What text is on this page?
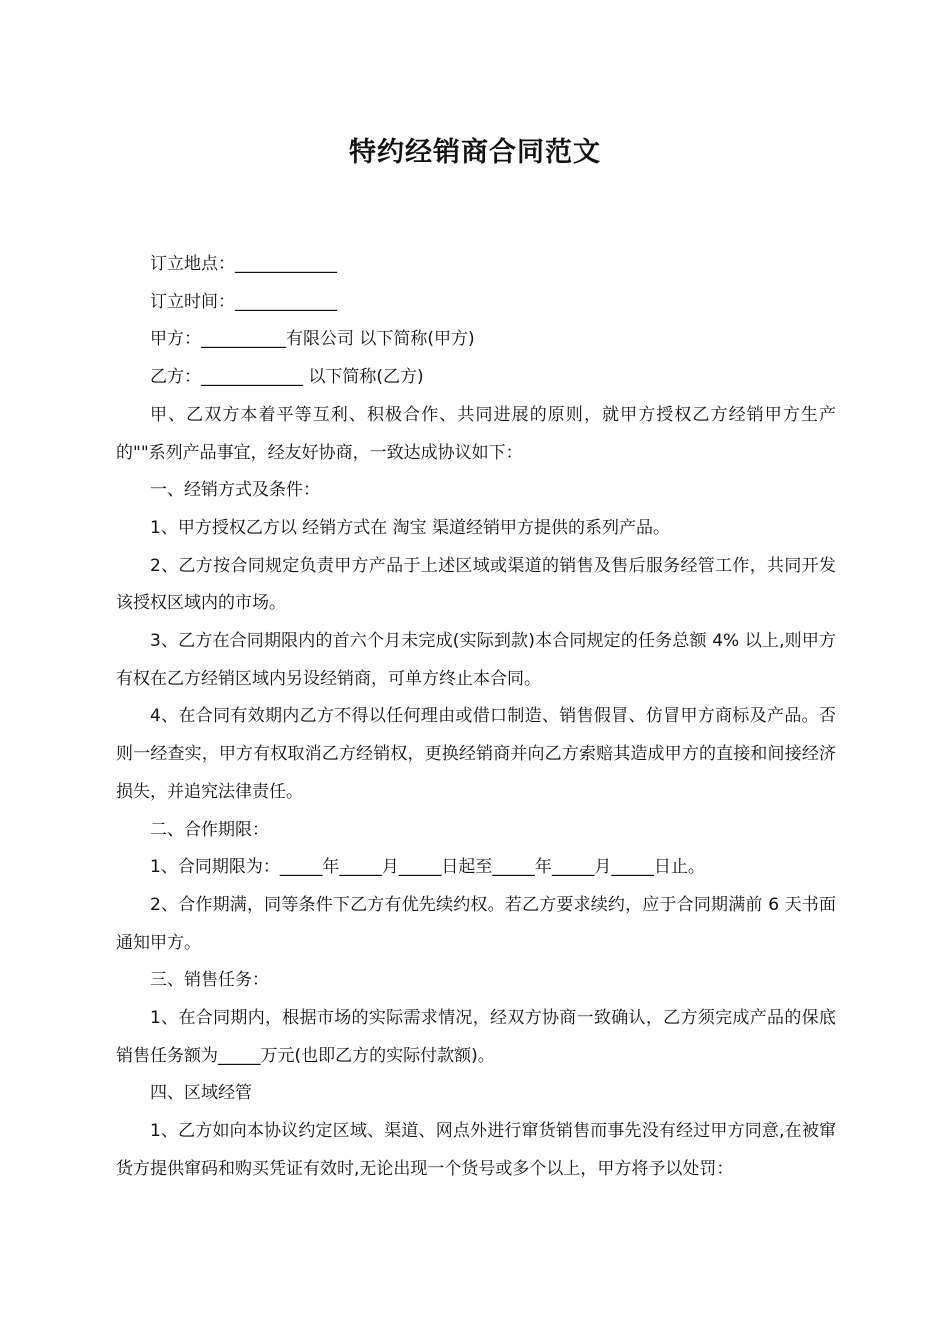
特约经销商合同范文

订立地点：____________

订立时间：____________

甲方：__________有限公司 以下简称(甲方)

乙方：____________ 以下简称(乙方)

甲、乙双方本着平等互利、积极合作、共同进展的原则，就甲方授权乙方经销甲方生产的""系列产品事宜，经友好协商，一致达成协议如下：

一、经销方式及条件：

1、甲方授权乙方以 经销方式在 淘宝 渠道经销甲方提供的系列产品。

2、乙方按合同规定负责甲方产品于上述区域或渠道的销售及售后服务经管工作，共同开发该授权区域内的市场。

3、乙方在合同期限内的首六个月未完成(实际到款)本合同规定的任务总额 4% 以上,则甲方有权在乙方经销区域内另设经销商，可单方终止本合同。

4、在合同有效期内乙方不得以任何理由或借口制造、销售假冒、仿冒甲方商标及产品。否则一经查实，甲方有权取消乙方经销权，更换经销商并向乙方索赔其造成甲方的直接和间接经济损失，并追究法律责任。

二、合作期限：

1、合同期限为：_____年_____月_____日起至_____年_____月_____日止。

2、合作期满，同等条件下乙方有优先续约权。若乙方要求续约，应于合同期满前 6 天书面通知甲方。

三、销售任务：

1、在合同期内，根据市场的实际需求情况，经双方协商一致确认，乙方须完成产品的保底销售任务额为_____万元(也即乙方的实际付款额)。

四、区域经管

1、乙方如向本协议约定区域、渠道、网点外进行窜货销售而事先没有经过甲方同意,在被窜货方提供窜码和购买凭证有效时,无论出现一个货号或多个以上，甲方将予以处罚：
